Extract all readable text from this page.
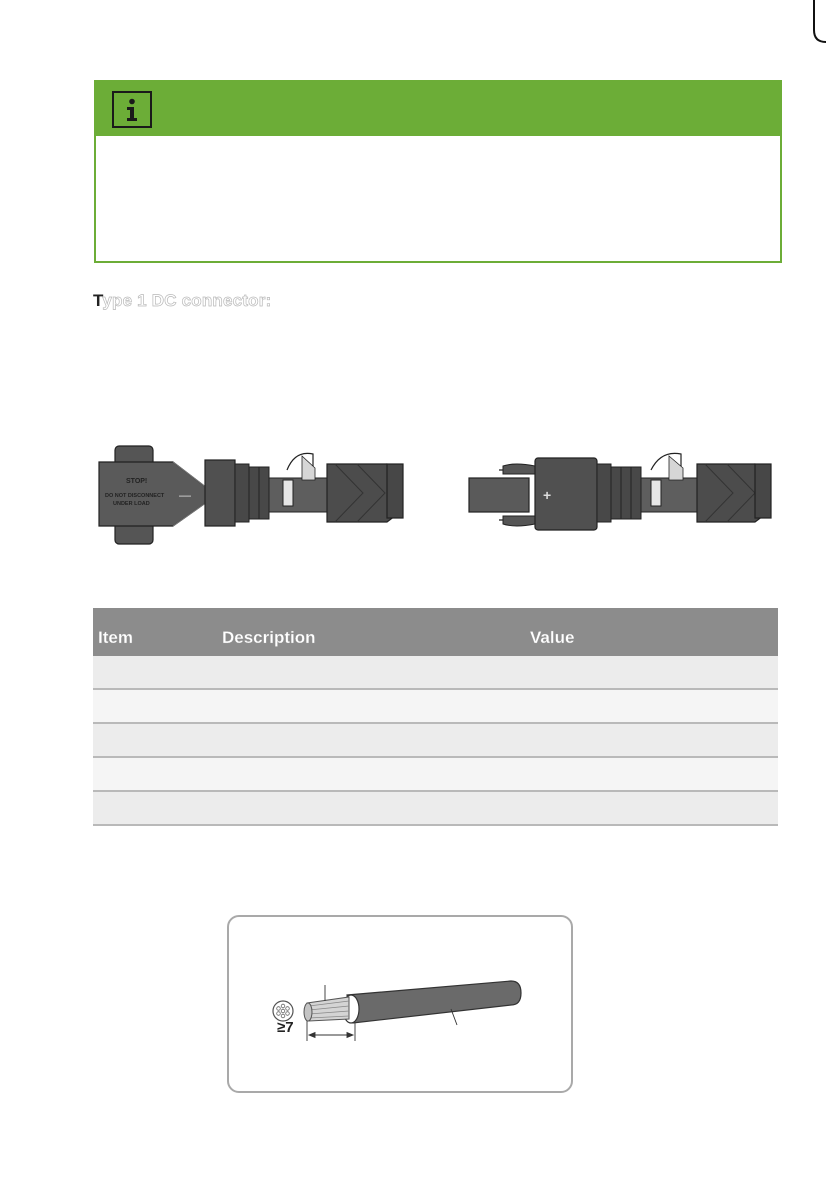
Type 1 DC connector:
STOP!
DO NOT DISCONNECT
UNDER LOAD
—	+
Item	Description	Value

≥7
